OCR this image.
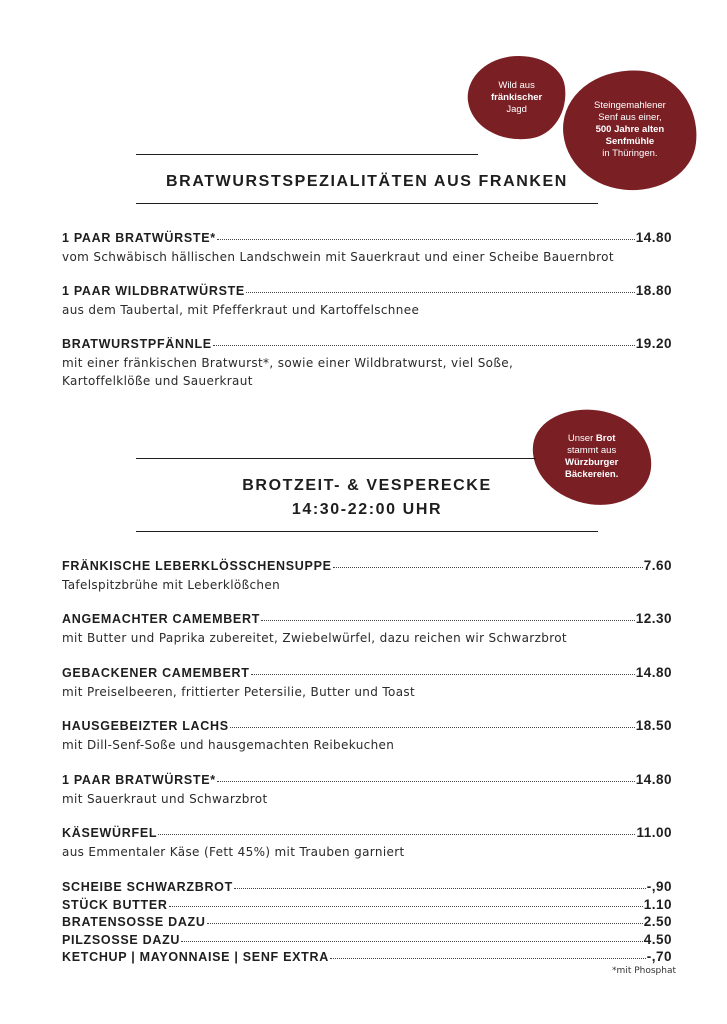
Wild aus
fränkischer
Jagd	Steingemahlener
Senf aus einer,
500 Jahre alten
Senfmühle
in Thüringen.
BRATWURSTSPEZIALITÄTEN AUS FRANKEN
1 PAAR BRATWÜRSTE*	14.80
vom Schwäbisch hällischen Landschwein mit Sauerkraut und einer Scheibe Bauernbrot
1 PAAR WILDBRATWÜRSTE	18.80
aus dem Taubertal, mit Pfefferkraut und Kartoffelschnee
BRATWURSTPFÄNNLE	19.20
mit einer fränkischen Bratwurst*, sowie einer Wildbratwurst, viel Soße,
Kartoffelklöße und Sauerkraut
Unser Brot
stammt aus
Würzburger
Bäckereien.
BROTZEIT- & VESPERECKE
14:30-22:00 UHR
FRÄNKISCHE LEBERKLÖSSCHENSUPPE	7.60
Tafelspitzbrühe mit Leberklößchen
ANGEMACHTER CAMEMBERT	12.30
mit Butter und Paprika zubereitet, Zwiebelwürfel, dazu reichen wir Schwarzbrot
GEBACKENER CAMEMBERT	14.80
mit Preiselbeeren, frittierter Petersilie, Butter und Toast
HAUSGEBEIZTER LACHS	18.50
mit Dill-Senf-Soße und hausgemachten Reibekuchen
1 PAAR BRATWÜRSTE*	14.80
mit Sauerkraut und Schwarzbrot
KÄSEWÜRFEL	11.00
aus Emmentaler Käse (Fett 45%) mit Trauben garniert
SCHEIBE SCHWARZBROT	-,90
STÜCK BUTTER	1.10
BRATENSOSSE DAZU	2.50
PILZSOSSE DAZU	4.50
KETCHUP | MAYONNAISE | SENF EXTRA	-,70
*mit Phosphat
